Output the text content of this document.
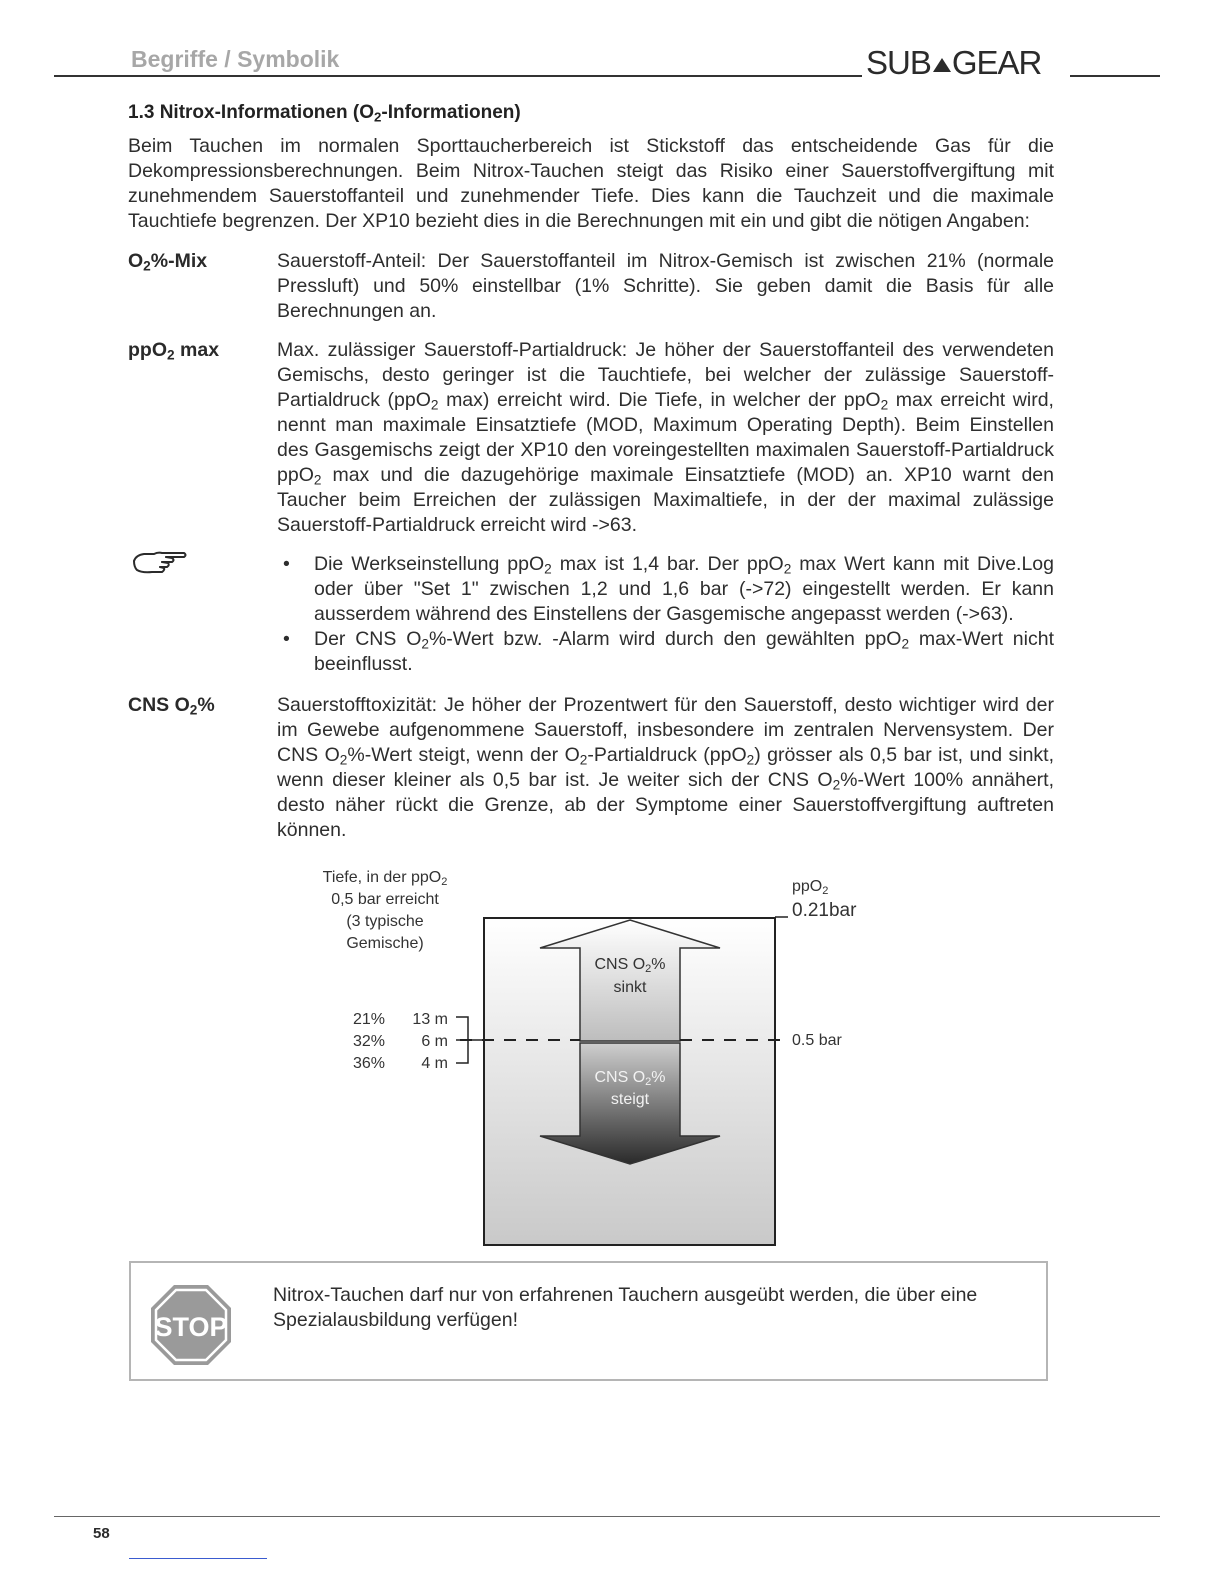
Begriffe / Symbolik	SUB GEAR
1.3 Nitrox-Informationen $(O_2-Informationen)$

Beim Tauchen im normalen Sporttaucherbereich ist Stickstoff das entscheidende Gas für die Dekompressionsberechnungen. Beim Nitrox-Tauchen steigt das Risiko einer Sauerstoffvergiftung mit zunehmendem Sauerstoffanteil und zunehmender Tiefe. Dies kann die Tauchzeit und die maximale Tauchtiefe begrenzen. Der XP10 bezieht dies in die Berechnungen mit ein und gibt die nötigen Angaben:

$O_2\%$-Mix	Sauerstoff-Anteil: Der Sauerstoffanteil im Nitrox-Gemisch ist zwischen 21% (normale Pressluft) und 50% einstellbar (1% Schritte). Sie geben damit die Basis für alle Berechnungen an.

ppO$_2$ max	Max. zulässiger Sauerstoff-Partialdruck: Je höher der Sauerstoffanteil des verwendeten Gemischs, desto geringer ist die Tauchtiefe, bei welcher der zulässige Sauerstoff-Partialdruck (ppO$_2$ max) erreicht wird. Die Tiefe, in welcher der ppO$_2$ max erreicht wird, nennt man maximale Einsatztiefe (MOD, Maximum Operating Depth). Beim Einstellen des Gasgemischs zeigt der XP10 den voreingestellten maximalen Sauerstoff-Partialdruck ppO$_2$ max und die dazugehörige maximale Einsatztiefe (MOD) an. XP10 warnt den Taucher beim Erreichen der zulässigen Maximaltiefe, in der der maximal zulässige Sauerstoff-Partialdruck erreicht wird ->63.

• Die Werkseinstellung ppO$_2$ max ist 1,4 bar. Der ppO$_2$ max Wert kann mit Dive.Log oder über "Set 1" zwischen 1,2 und 1,6 bar (->72) eingestellt werden. Er kann ausserdem während des Einstellens der Gasgemische angepasst werden (->63).
• Der CNS $O_2\%$-Wert bzw. -Alarm wird durch den gewählten ppO$_2$ max-Wert nicht beeinflusst.
CNS $O_2\%$	Sauerstofftoxizität: Je höher der Prozentwert für den Sauerstoff, desto wichtiger wird der im Gewebe aufgenommene Sauerstoff, insbesondere im zentralen Nervensystem. Der CNS $O_2\%$-Wert steigt, wenn der $O_2$-Partialdruck (ppO$_2$) grösser als 0,5 bar ist, und sinkt, wenn dieser kleiner als 0,5 bar ist. Je weiter sich der CNS $O_2\%$-Wert 100% annähert, desto näher rückt die Grenze, ab der Symptome einer Sauerstoffvergiftung auftreten können.

Tiefe, in der ppO2
0,5 bar erreicht
(3 typische
Gemische)
21% 13 m
32% 6 m
36% 4 m
ppO2
0.21bar
0.5 bar
CNS O2%
sinkt
CNS O2%
steigt
STOP

Nitrox-Tauchen darf nur von erfahrenen Tauchern ausgeübt werden, die über eine Spezialausbildung verfügen!

58
